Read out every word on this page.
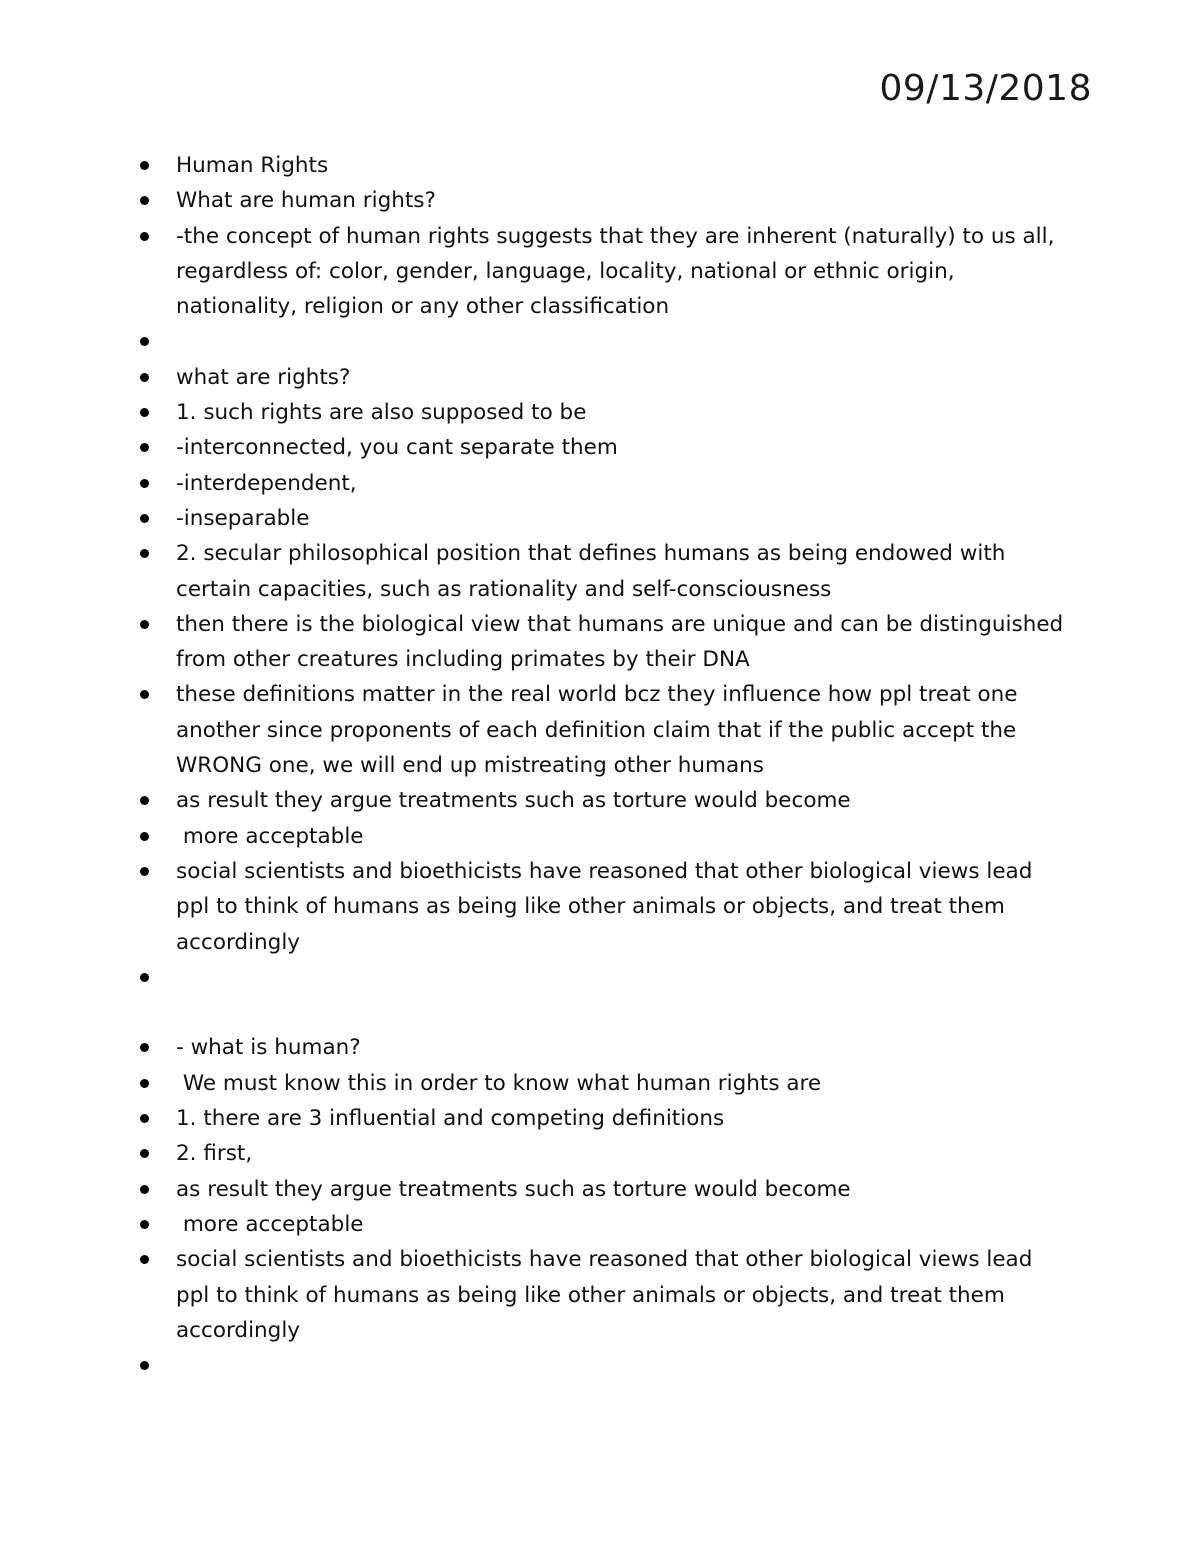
09/13/2018
Human Rights
What are human rights?
-the concept of human rights suggests that they are inherent (naturally) to us all, regardless of: color, gender, language, locality, national or ethnic origin, nationality, religion or any other classification
what are rights?
1. such rights are also supposed to be
-interconnected, you cant separate them
-interdependent,
-inseparable
2. secular philosophical position that defines humans as being endowed with certain capacities, such as rationality and self-consciousness
then there is the biological view that humans are unique and can be distinguished from other creatures including primates by their DNA
these definitions matter in the real world bcz they influence how ppl treat one another since proponents of each definition claim that if the public accept the WRONG one, we will end up mistreating other humans
as result they argue treatments such as torture would become
more acceptable
social scientists and bioethicists have reasoned that other biological views lead ppl to think of humans as being like other animals or objects, and treat them accordingly
- what is human?
We must know this in order to know what human rights are
1. there are 3 influential and competing definitions
2. first,
as result they argue treatments such as torture would become
more acceptable
social scientists and bioethicists have reasoned that other biological views lead ppl to think of humans as being like other animals or objects, and treat them accordingly
